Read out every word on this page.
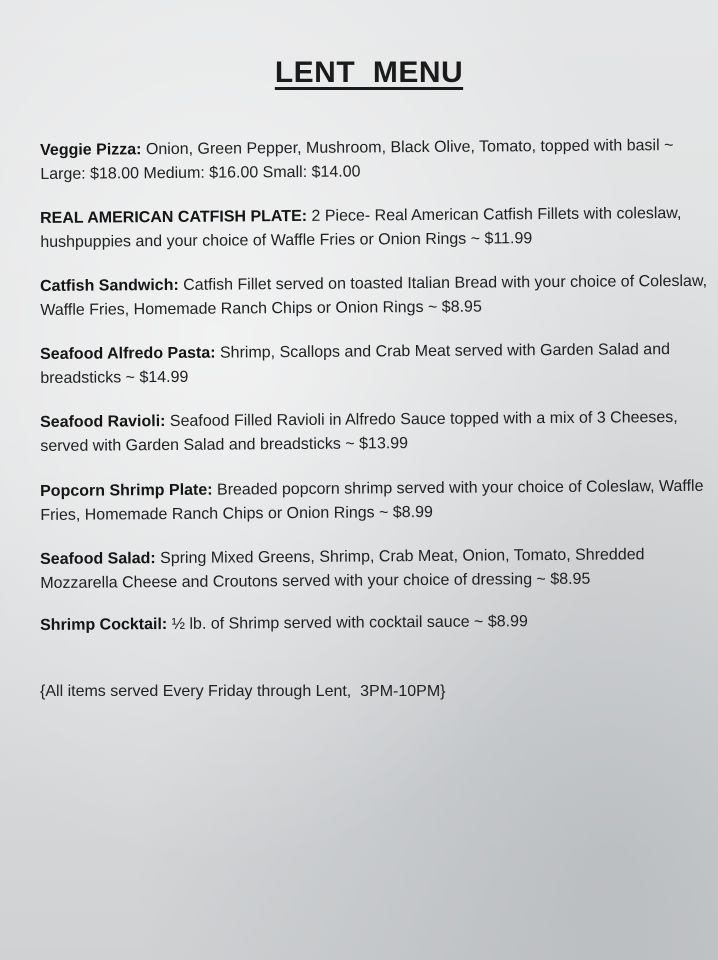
LENT  MENU
Veggie Pizza: Onion, Green Pepper, Mushroom, Black Olive, Tomato, topped with basil ~ Large: $18.00 Medium: $16.00 Small: $14.00
REAL AMERICAN CATFISH PLATE: 2 Piece- Real American Catfish Fillets with coleslaw, hushpuppies and your choice of Waffle Fries or Onion Rings ~ $11.99
Catfish Sandwich: Catfish Fillet served on toasted Italian Bread with your choice of Coleslaw, Waffle Fries, Homemade Ranch Chips or Onion Rings ~ $8.95
Seafood Alfredo Pasta: Shrimp, Scallops and Crab Meat served with Garden Salad and breadsticks ~ $14.99
Seafood Ravioli: Seafood Filled Ravioli in Alfredo Sauce topped with a mix of 3 Cheeses, served with Garden Salad and breadsticks ~ $13.99
Popcorn Shrimp Plate: Breaded popcorn shrimp served with your choice of Coleslaw, Waffle Fries, Homemade Ranch Chips or Onion Rings ~ $8.99
Seafood Salad: Spring Mixed Greens, Shrimp, Crab Meat, Onion, Tomato, Shredded Mozzarella Cheese and Croutons served with your choice of dressing ~ $8.95
Shrimp Cocktail: ½ lb. of Shrimp served with cocktail sauce ~ $8.99
{All items served Every Friday through Lent,  3PM-10PM}
